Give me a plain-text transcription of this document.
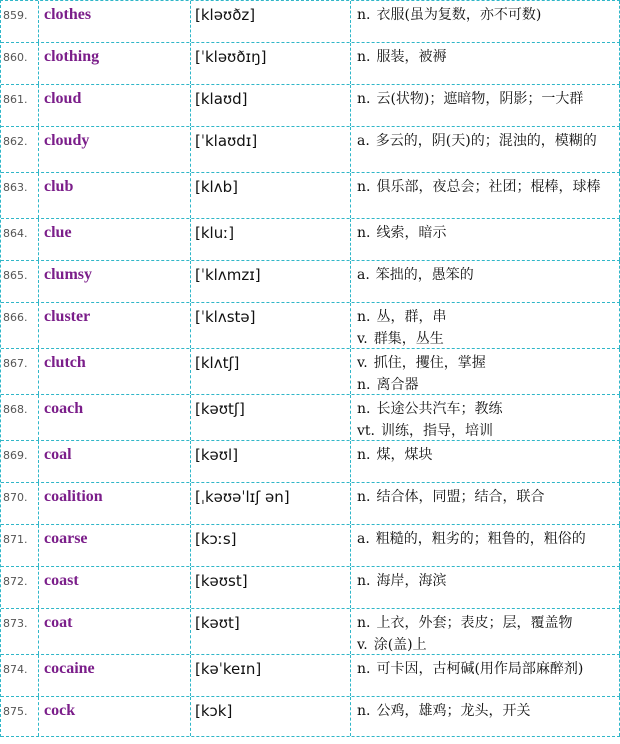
859.	clothes	[kləʊðz]	n. 衣服(虽为复数，亦不可数)
860.	clothing	[ˈkləʊðɪŋ]	n. 服装，被褥
861.	cloud	[klaʊd]	n. 云(状物)；遮暗物，阴影；一大群
862.	cloudy	[ˈklaʊdɪ]	a. 多云的，阴(天)的；混浊的，模糊的
863.	club	[klʌb]	n. 俱乐部，夜总会；社团；棍棒，球棒
864.	clue	[kluː]	n. 线索，暗示
865.	clumsy	[ˈklʌmzɪ]	a. 笨拙的，愚笨的
866.	cluster	[ˈklʌstə]	n. 丛，群，串
v. 群集，丛生
867.	clutch	[klʌtʃ]	v. 抓住，攫住，掌握
n. 离合器
868.	coach	[kəʊtʃ]	n. 长途公共汽车；教练
vt. 训练，指导，培训
869.	coal	[kəʊl]	n. 煤，煤块
870.	coalition	[ˌkəʊəˈlɪʃ ən]	n. 结合体，同盟；结合，联合
871.	coarse	[kɔːs]	a. 粗糙的，粗劣的；粗鲁的，粗俗的
872.	coast	[kəʊst]	n. 海岸，海滨
873.	coat	[kəʊt]	n. 上衣，外套；表皮；层，覆盖物
v. 涂(盖)上
874.	cocaine	[kəˈkeɪn]	n. 可卡因，古柯碱(用作局部麻醉剂)
875.	cock	[kɔk]	n. 公鸡，雄鸡；龙头，开关
